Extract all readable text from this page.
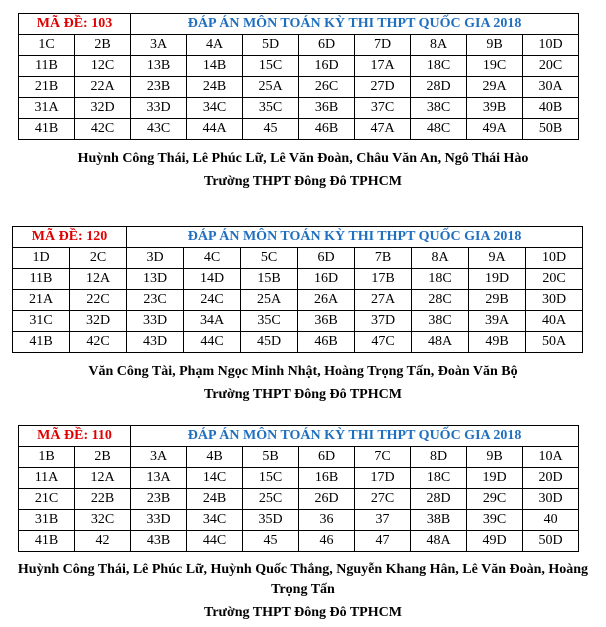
MÃ ĐỀ: 103		ĐÁP ÁN MÔN TOÁN KỲ THI THPT QUỐC GIA 2018							
1C	2B	3A	4A	5D	6D	7D	8A	9B	10D
11B	12C	13B	14B	15C	16D	17A	18C	19C	20C
21B	22A	23B	24B	25A	26C	27D	28D	29A	30A
31A	32D	33D	34C	35C	36B	37C	38C	39B	40B
41B	42C	43C	44A	45	46B	47A	48C	49A	50B
Huỳnh Công Thái, Lê Phúc Lữ, Lê Văn Đoàn, Châu Văn An, Ngô Thái Hào
Trường THPT Đông Đô TPHCM
MÃ ĐỀ: 120		ĐÁP ÁN MÔN TOÁN KỲ THI THPT QUỐC GIA 2018							
1D	2C	3D	4C	5C	6D	7B	8A	9A	10D
11B	12A	13D	14D	15B	16D	17B	18C	19D	20C
21A	22C	23C	24C	25A	26A	27A	28C	29B	30D
31C	32D	33D	34A	35C	36B	37D	38C	39A	40A
41B	42C	43D	44C	45D	46B	47C	48A	49B	50A
Văn Công Tài, Phạm Ngọc Minh Nhật, Hoàng Trọng Tấn, Đoàn Văn Bộ
Trường THPT Đông Đô TPHCM
MÃ ĐỀ: 110		ĐÁP ÁN MÔN TOÁN KỲ THI THPT QUỐC GIA 2018							
1B	2B	3A	4B	5B	6D	7C	8D	9B	10A
11A	12A	13A	14C	15C	16B	17D	18C	19D	20D
21C	22B	23B	24B	25C	26D	27C	28D	29C	30D
31B	32C	33D	34C	35D	36	37	38B	39C	40
41B	42	43B	44C	45	46	47	48A	49D	50D
Huỳnh Công Thái, Lê Phúc Lữ, Huỳnh Quốc Thắng, Nguyễn Khang Hân, Lê Văn Đoàn, Hoàng Trọng Tấn
Trường THPT Đông Đô TPHCM
